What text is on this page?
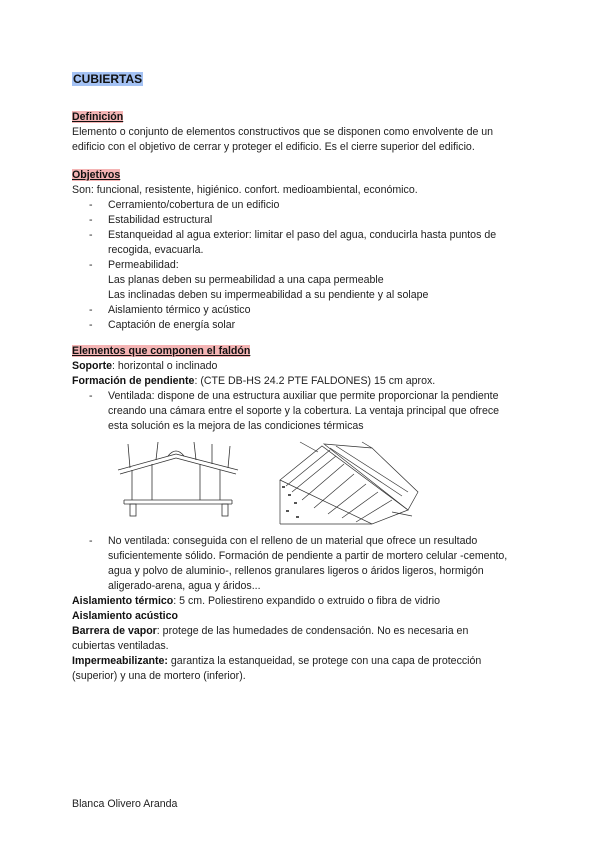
CUBIERTAS
Definición
Elemento o conjunto de elementos constructivos que se disponen como envolvente de un
edificio con el objetivo de cerrar y proteger el edificio. Es el cierre superior del edificio.
Objetivos
Son: funcional, resistente, higiénico. confort. medioambiental, económico.
- Cerramiento/cobertura de un edificio
- Estabilidad estructural
- Estanqueidad al agua exterior: limitar el paso del agua, conducirla hasta puntos de
recogida, evacuarla.
- Permeabilidad:
Las planas deben su permeabilidad a una capa permeable
Las inclinadas deben su impermeabilidad a su pendiente y al solape
- Aislamiento térmico y acústico
- Captación de energía solar
Elementos que componen el faldón
Soporte: horizontal o inclinado
Formación de pendiente: (CTE DB-HS 24.2 PTE FALDONES) 15 cm aprox.
- Ventilada: dispone de una estructura auxiliar que permite proporcionar la pendiente
creando una cámara entre el soporte y la cobertura. La ventaja principal que ofrece
esta solución es la mejora de las condiciones térmicas
- No ventilada: conseguida con el relleno de un material que ofrece un resultado
suficientemente sólido. Formación de pendiente a partir de mortero celular -cemento,
agua y polvo de aluminio-, rellenos granulares ligeros o áridos ligeros, hormigón
aligerado-arena, agua y áridos...
Aislamiento térmico: 5 cm. Poliestireno expandido o extruido o fibra de vidrio
Aislamiento acústico
Barrera de vapor: protege de las humedades de condensación. No es necesaria en
cubiertas ventiladas.
Impermeabilizante: garantiza la estanqueidad, se protege con una capa de protección
(superior) y una de mortero (inferior).
Blanca Olivero Aranda
